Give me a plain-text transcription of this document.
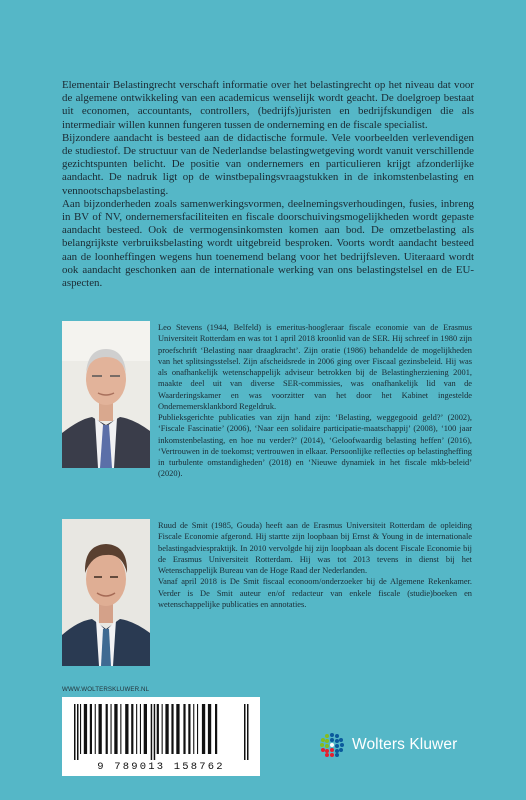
Elementair Belastingrecht verschaft informatie over het belastingrecht op het niveau dat voor de algemene ontwikkeling van een academicus wenselijk wordt geacht. De doelgroep bestaat uit economen, accountants, controllers, (bedrijfs)juristen en bedrijfskundigen die als intermediair willen kunnen fungeren tussen de onderneming en de fiscale specialist.

Bijzondere aandacht is besteed aan de didactische formule. Vele voorbeelden verlevendigen de studiestof. De structuur van de Nederlandse belastingwetgeving wordt vanuit verschillende gezichtspunten belicht. De positie van ondernemers en particulieren krijgt afzonderlijke aandacht. De nadruk ligt op de winstbepalingsvraagstukken in de inkomstenbelasting en vennootschapsbelasting.

Aan bijzonderheden zoals samenwerkingsvormen, deelnemingsverhoudingen, fusies, inbreng in BV of NV, ondernemersfaciliteiten en fiscale doorschuivingsmogelijkheden wordt gepaste aandacht besteed. Ook de vermogensinkomsten komen aan bod. De omzetbelasting als belangrijkste verbruiksbelasting wordt uitgebreid besproken. Voorts wordt aandacht besteed aan de loonheffingen wegens hun toenemend belang voor het bedrijfsleven. Uiteraard wordt ook aandacht geschonken aan de internationale werking van ons belastingstelsel en de EU-aspecten.

Leo Stevens (1944, Belfeld) is emeritus-hoogleraar fiscale economie van de Erasmus Universiteit Rotterdam en was tot 1 april 2018 kroonlid van de SER. Hij schreef in 1980 zijn proefschrift ‘Belasting naar draagkracht’. Zijn oratie (1986) behandelde de mogelijkheden van het splitsingsstelsel. Zijn afscheidsrede in 2006 ging over Fiscaal gezinsbeleid. Hij was als onafhankelijk wetenschappelijk adviseur betrokken bij de Belastingherziening 2001, maakte deel uit van diverse SER-commissies, was onafhankelijk lid van de Waarderingskamer en was voorzitter van het door het Kabinet ingestelde Ondernemersklankbord Regeldruk.

Publieksgerichte publicaties van zijn hand zijn: ‘Belasting, weggegooid geld?’ (2002), ‘Fiscale Fascinatie’ (2006), ‘Naar een solidaire participatie-maatschappij’ (2008), ‘100 jaar inkomstenbelasting, en hoe nu verder?’ (2014), ‘Geloofwaardig belasting heffen’ (2016), ‘Vertrouwen in de toekomst; vertrouwen in elkaar. Persoonlijke reflecties op belastingheffing in turbulente omstandigheden’ (2018) en ‘Nieuwe dynamiek in het fiscale mkb-beleid’ (2020).

Ruud de Smit (1985, Gouda) heeft aan de Erasmus Universiteit Rotterdam de opleiding Fiscale Economie afgerond. Hij startte zijn loopbaan bij Ernst & Young in de internationale belastingadviespraktijk. In 2010 vervolgde hij zijn loopbaan als docent Fiscale Economie bij de Erasmus Universiteit Rotterdam. Hij was tot 2013 tevens in dienst bij het Wetenschappelijk Bureau van de Hoge Raad der Nederlanden.

Vanaf april 2018 is De Smit fiscaal econoom/onderzoeker bij de Algemene Rekenkamer. Verder is De Smit auteur en/of redacteur van enkele fiscale (studie)boeken en wetenschappelijke publicaties en annotaties.

WWW.WOLTERSKLUWER.NL
9 789013 158762
Wolters Kluwer
